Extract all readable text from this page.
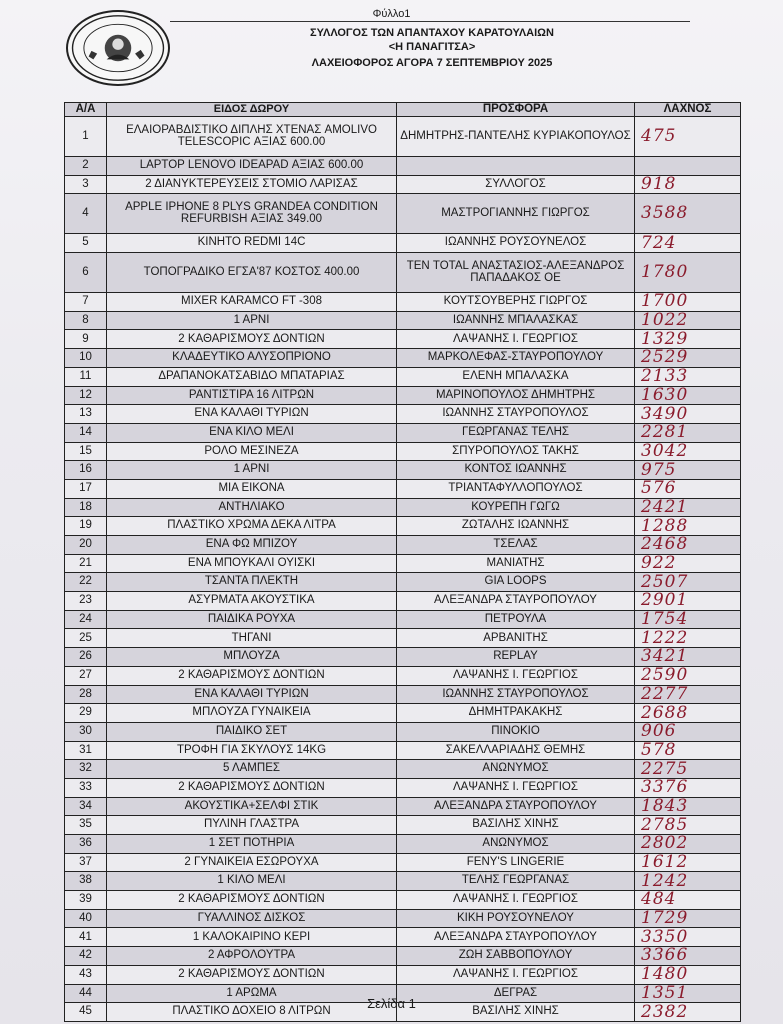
Φύλλο1
ΣΥΛΛΟΓΟΣ ΤΩΝ ΑΠΑΝΤΑΧΟΥ ΚΑΡΑΤΟΥΛΑΙΩΝ
<Η ΠΑΝΑΓΙΤΣΑ>
ΛΑΧΕΙΟΦΟΡΟΣ ΑΓΟΡΑ 7 ΣΕΠΤΕΜΒΡΙΟΥ 2025
Α/Α	ΕΙΔΟΣ ΔΩΡΟΥ	ΠΡΟΣΦΟΡΑ	ΛΑΧΝΟΣ
1	ΕΛΑΙΟΡΑΒΔΙΣΤΙΚΟ ΔΙΠΛΗΣ ΧΤΕΝΑΣ AMOLIVO TELESCOPIC ΑΞΙΑΣ 600.00	ΔΗΜΗΤΡΗΣ-ΠΑΝΤΕΛΗΣ ΚΥΡΙΑΚΟΠΟΥΛΟΣ	475
2	LAPTOP LENOVO IDEAPAD ΑΞΙΑΣ 600.00		
3	2 ΔΙΑΝΥΚΤΕΡΕΥΣΕΙΣ ΣΤΟΜΙΟ ΛΑΡΙΣΑΣ	ΣΥΛΛΟΓΟΣ	918
4	APPLE IPHONE 8 PLYS GRANDEA CONDITION REFURBISH ΑΞΙΑΣ 349.00	ΜΑΣΤΡΟΓΙΑΝΝΗΣ ΓΙΩΡΓΟΣ	3588
5	ΚΙΝΗΤΟ REDMI 14C	ΙΩΑΝΝΗΣ ΡΟΥΣΟΥΝΕΛΟΣ	724
6	ΤΟΠΟΓΡΑΔΙΚΟ ΕΓΣΑ'87 ΚΟΣΤΟΣ 400.00	ΤΕΝ TOTAL ΑΝΑΣΤΑΣΙΟΣ-ΑΛΕΞΑΝΔΡΟΣ ΠΑΠΑΔΑΚΟΣ ΟΕ	1780
7	MIXER KARAMCO FT -308	ΚΟΥΤΣΟΥΒΕΡΗΣ ΓΙΩΡΓΟΣ	1700
8	1 ΑΡΝΙ	ΙΩΑΝΝΗΣ ΜΠΑΛΑΣΚΑΣ	1022
9	2 ΚΑΘΑΡΙΣΜΟΥΣ ΔΟΝΤΙΩΝ	ΛΑΨΑΝΗΣ Ι. ΓΕΩΡΓΙΟΣ	1329
10	ΚΛΑΔΕΥΤΙΚΟ ΑΛΥΣΟΠΡΙΟΝΟ	ΜΑΡΚΟΛΕΦΑΣ-ΣΤΑΥΡΟΠΟΥΛΟΥ	2529
11	ΔΡΑΠΑΝΟΚΑΤΣΑΒΙΔΟ ΜΠΑΤΑΡΙΑΣ	ΕΛΕΝΗ ΜΠΑΛΑΣΚΑ	2133
12	ΡΑΝΤΙΣΤΙΡΑ 16 ΛΙΤΡΩΝ	ΜΑΡΙΝΟΠΟΥΛΟΣ ΔΗΜΗΤΡΗΣ	1630
13	ΕΝΑ ΚΑΛΑΘΙ ΤΥΡΙΩΝ	ΙΩΑΝΝΗΣ ΣΤΑΥΡΟΠΟΥΛΟΣ	3490
14	ΕΝΑ ΚΙΛΟ ΜΕΛΙ	ΓΕΩΡΓΑΝΑΣ ΤΕΛΗΣ	2281
15	ΡΟΛΟ ΜΕΣΙΝΕΖΑ	ΣΠΥΡΟΠΟΥΛΟΣ ΤΑΚΗΣ	3042
16	1 ΑΡΝΙ	ΚΟΝΤΟΣ ΙΩΑΝΝΗΣ	975
17	ΜΙΑ ΕΙΚΟΝΑ	ΤΡΙΑΝΤΑΦΥΛΛΟΠΟΥΛΟΣ	576
18	ΑΝΤΗΛΙΑΚΟ	ΚΟΥΡΕΠΗ ΓΩΓΩ	2421
19	ΠΛΑΣΤΙΚΟ ΧΡΩΜΑ ΔΕΚΑ ΛΙΤΡΑ	ΖΩΤΑΛΗΣ ΙΩΑΝΝΗΣ	1288
20	ΕΝΑ ΦΩ ΜΠΙΖΟΥ	ΤΣΕΛΑΣ	2468
21	ΕΝΑ ΜΠΟΥΚΑΛΙ ΟΥΙΣΚΙ	ΜΑΝΙΑΤΗΣ	922
22	ΤΣΑΝΤΑ ΠΛΕΚΤΗ	GIA LOOPS	2507
23	ΑΣΥΡΜΑΤΑ ΑΚΟΥΣΤΙΚΑ	ΑΛΕΞΑΝΔΡΑ ΣΤΑΥΡΟΠΟΥΛΟΥ	2901
24	ΠΑΙΔΙΚΑ ΡΟΥΧΑ	ΠΕΤΡΟΥΛΑ	1754
25	ΤΗΓΑΝΙ	ΑΡΒΑΝΙΤΗΣ	1222
26	ΜΠΛΟΥΖΑ	REPLAY	3421
27	2 ΚΑΘΑΡΙΣΜΟΥΣ ΔΟΝΤΙΩΝ	ΛΑΨΑΝΗΣ Ι. ΓΕΩΡΓΙΟΣ	2590
28	ΕΝΑ ΚΑΛΑΘΙ ΤΥΡΙΩΝ	ΙΩΑΝΝΗΣ ΣΤΑΥΡΟΠΟΥΛΟΣ	2277
29	ΜΠΛΟΥΖΑ ΓΥΝΑΙΚΕΙΑ	ΔΗΜΗΤΡΑΚΑΚΗΣ	2688
30	ΠΑΙΔΙΚΟ ΣΕΤ	ΠΙΝΟΚΙΟ	906
31	ΤΡΟΦΗ ΓΙΑ ΣΚΥΛΟΥΣ 14KG	ΣΑΚΕΛΛΑΡΙΑΔΗΣ ΘΕΜΗΣ	578
32	5 ΛΑΜΠΕΣ	ΑΝΩΝΥΜΟΣ	2275
33	2 ΚΑΘΑΡΙΣΜΟΥΣ ΔΟΝΤΙΩΝ	ΛΑΨΑΝΗΣ Ι. ΓΕΩΡΓΙΟΣ	3376
34	ΑΚΟΥΣΤΙΚΑ+ΣΕΛΦΙ ΣΤΙΚ	ΑΛΕΞΑΝΔΡΑ ΣΤΑΥΡΟΠΟΥΛΟΥ	1843
35	ΠΥΛΙΝΗ ΓΛΑΣΤΡΑ	ΒΑΣΙΛΗΣ ΧΙΝΗΣ	2785
36	1 ΣΕΤ ΠΟΤΗΡΙΑ	ΑΝΩΝΥΜΟΣ	2802
37	2 ΓΥΝΑΙΚΕΙΑ ΕΣΩΡΟΥΧΑ	FENY'S LINGERIE	1612
38	1 ΚΙΛΟ ΜΕΛΙ	ΤΕΛΗΣ ΓΕΩΡΓΑΝΑΣ	1242
39	2 ΚΑΘΑΡΙΣΜΟΥΣ ΔΟΝΤΙΩΝ	ΛΑΨΑΝΗΣ Ι. ΓΕΩΡΓΙΟΣ	484
40	ΓΥΑΛΛΙΝΟΣ ΔΙΣΚΟΣ	ΚΙΚΗ ΡΟΥΣΟΥΝΕΛΟΥ	1729
41	1 ΚΑΛΟΚΑΙΡΙΝΟ ΚΕΡΙ	ΑΛΕΞΑΝΔΡΑ ΣΤΑΥΡΟΠΟΥΛΟΥ	3350
42	2 ΑΦΡΟΛΟΥΤΡΑ	ΖΩΗ ΣΑΒΒΟΠΟΥΛΟΥ	3366
43	2 ΚΑΘΑΡΙΣΜΟΥΣ ΔΟΝΤΙΩΝ	ΛΑΨΑΝΗΣ Ι. ΓΕΩΡΓΙΟΣ	1480
44	1 ΑΡΩΜΑ	ΔΕΓΡΑΣ	1351
45	ΠΛΑΣΤΙΚΟ ΔΟΧΕΙΟ 8 ΛΙΤΡΩΝ	ΒΑΣΙΛΗΣ ΧΙΝΗΣ	2382
Σελίδα 1
